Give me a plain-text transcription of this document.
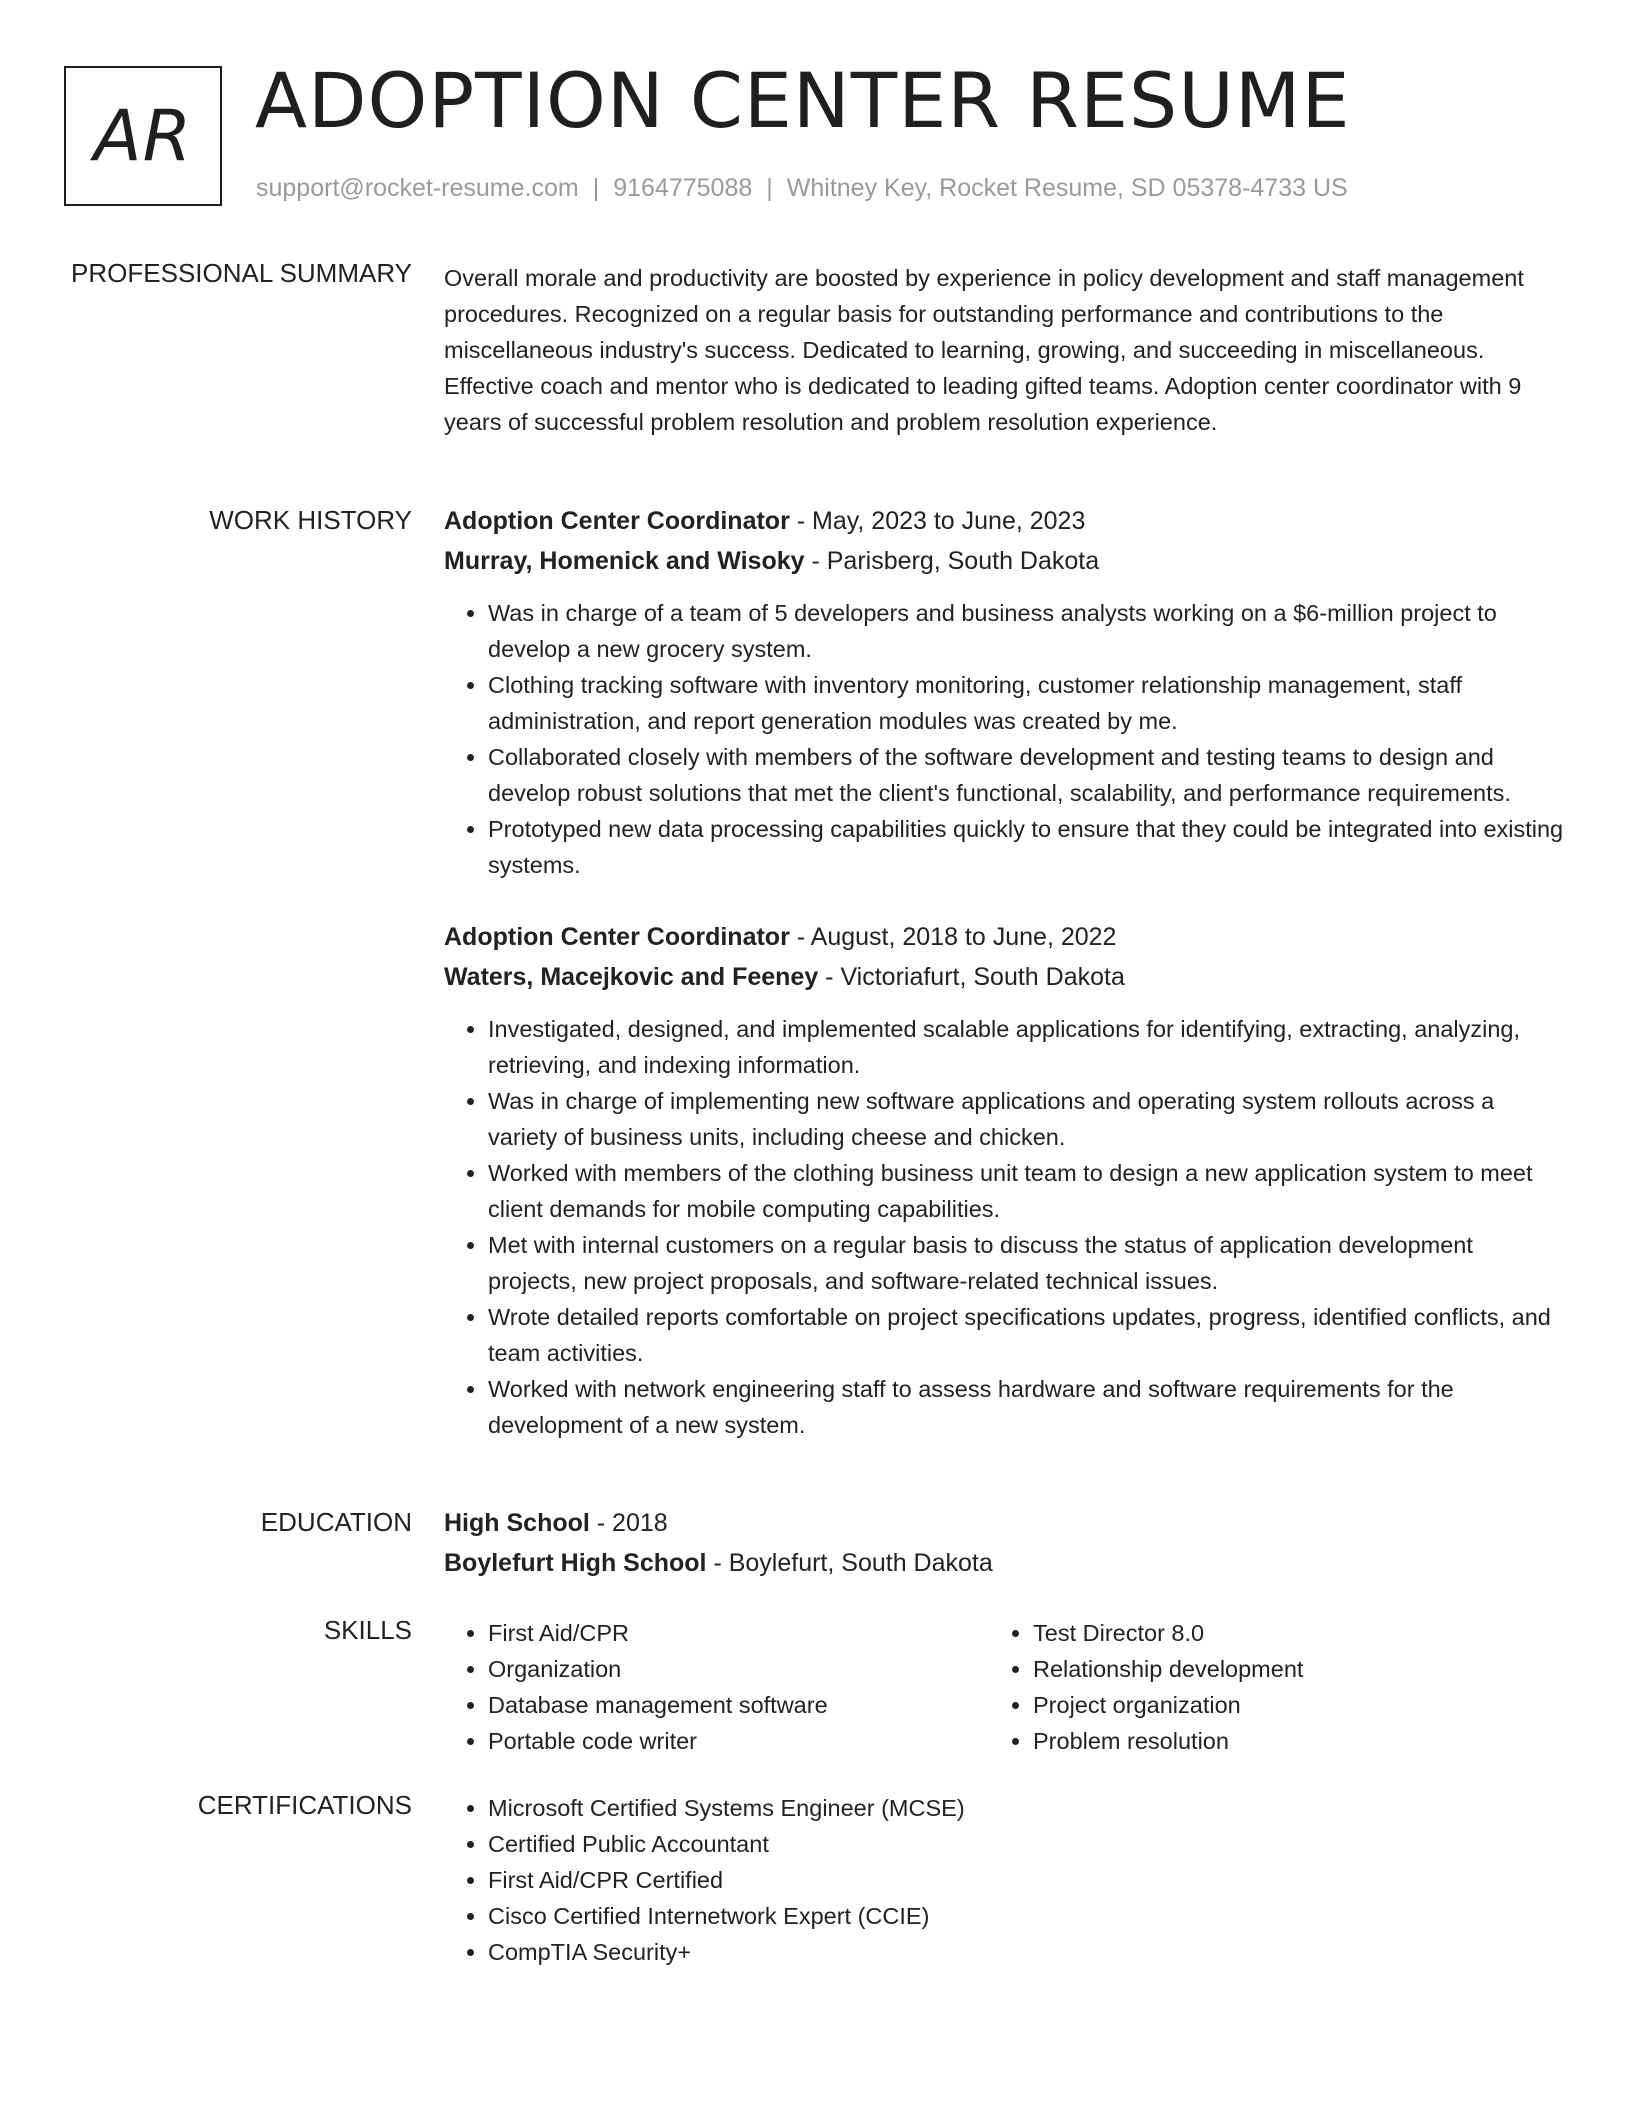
AR ADOPTION CENTER RESUME
support@rocket-resume.com | 9164775088 | Whitney Key, Rocket Resume, SD 05378-4733 US
PROFESSIONAL SUMMARY Overall morale and productivity are boosted by experience in policy development and staff management procedures. Recognized on a regular basis for outstanding performance and contributions to the miscellaneous industry's success. Dedicated to learning, growing, and succeeding in miscellaneous. Effective coach and mentor who is dedicated to leading gifted teams. Adoption center coordinator with 9 years of successful problem resolution and problem resolution experience.

WORK HISTORY Adoption Center Coordinator - May, 2023 to June, 2023
Murray, Homenick and Wisoky - Parisberg, South Dakota
• Was in charge of a team of 5 developers and business analysts working on a $6-million project to develop a new grocery system.
• Clothing tracking software with inventory monitoring, customer relationship management, staff administration, and report generation modules was created by me.
• Collaborated closely with members of the software development and testing teams to design and develop robust solutions that met the client's functional, scalability, and performance requirements.
• Prototyped new data processing capabilities quickly to ensure that they could be integrated into existing systems.
Adoption Center Coordinator - August, 2018 to June, 2022
Waters, Macejkovic and Feeney - Victoriafurt, South Dakota
• Investigated, designed, and implemented scalable applications for identifying, extracting, analyzing, retrieving, and indexing information.
• Was in charge of implementing new software applications and operating system rollouts across a variety of business units, including cheese and chicken.
• Worked with members of the clothing business unit team to design a new application system to meet client demands for mobile computing capabilities.
• Met with internal customers on a regular basis to discuss the status of application development projects, new project proposals, and software-related technical issues.
• Wrote detailed reports comfortable on project specifications updates, progress, identified conflicts, and team activities.
• Worked with network engineering staff to assess hardware and software requirements for the development of a new system.
EDUCATION High School - 2018
Boylefurt High School - Boylefurt, South Dakota
SKILLS	• First Aid/CPR	• Test Director 8.0
• Organization	• Relationship development
• Database management software	• Project organization
• Portable code writer	• Problem resolution
CERTIFICATIONS	• Microsoft Certified Systems Engineer (MCSE)
• Certified Public Accountant
• First Aid/CPR Certified
• Cisco Certified Internetwork Expert (CCIE)
• CompTIA Security+
